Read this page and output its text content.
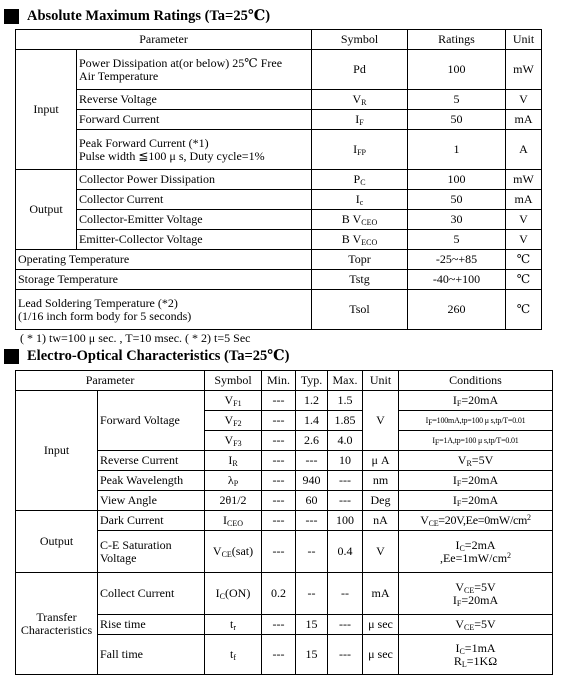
Absolute Maximum Ratings (Ta=25℃)
Parameter		Symbol	Ratings	Unit
Input	Power Dissipation at(or below) 25℃ Free
Air Temperature	Pd	100	mW
	Reverse Voltage	$V_R$	5	V
	Forward Current	$I_F$	50	mA
	Peak Forward Current (*1)
Pulse width ≦100 μ s, Duty cycle=1%	$I_{FP}$	1	A
Output	Collector Power Dissipation	$P_C$	100	mW
	Collector Current	$I_c$	50	mA
	Collector-Emitter Voltage	B $V_{CEO}$	30	V
	Emitter-Collector Voltage	B $V_{ECO}$	5	V
Operating Temperature		Topr	-25~+85	℃
Storage Temperature		Tstg	-40~+100	℃
Lead Soldering Temperature (*2)
(1/16 inch form body for 5 seconds)		Tsol	260	℃
( * 1) tw=100 μ sec. , T=10 msec. ( * 2) t=5 Sec
Electro-Optical Characteristics (Ta=25℃)
Parameter		Symbol	Min.	Typ.	Max.	Unit	Conditions
Input	Forward Voltage	$V_{F1}$	---	1.2	1.5	V	$I_F=20mA$
		$V_{F2}$	---	1.4	1.85		$I_F=100mA,tp=100$ μ s,tp/T=0.01
		$V_{F3}$	---	2.6	4.0		$I_F=1A,tp=100$ μ s,tp/T=0.01
	Reverse Current	$I_R$	---	---	10	μ A	$V_R=5V$
	Peak Wavelength	$\lambda_P$	---	940	---	nm	$I_F=20mA$
	View Angle	2θ1/2	---	60	---	Deg	$I_F=20mA$
Output	Dark Current	$I_{CEO}$	---	---	100	nA	$V_{CE}=20V,Ee=0mW/cm^2$
	C-E Saturation
Voltage	$V_{CE}(sat)$	---	--	0.4	V	$I_C=2mA$
$,Ee=1mW/cm^2$
Transfer
Characteristics	Collect Current	$I_C(ON)$	0.2	--	--	mA	$V_{CE}=5V$
$I_F=20mA$
	Rise time	$t_r$	---	15	---	μ sec	$V_{CE}=5V$
	Fall time	$t_f$	---	15	---	μ sec	$I_C=1mA$
$R_L=1K\Omega$
